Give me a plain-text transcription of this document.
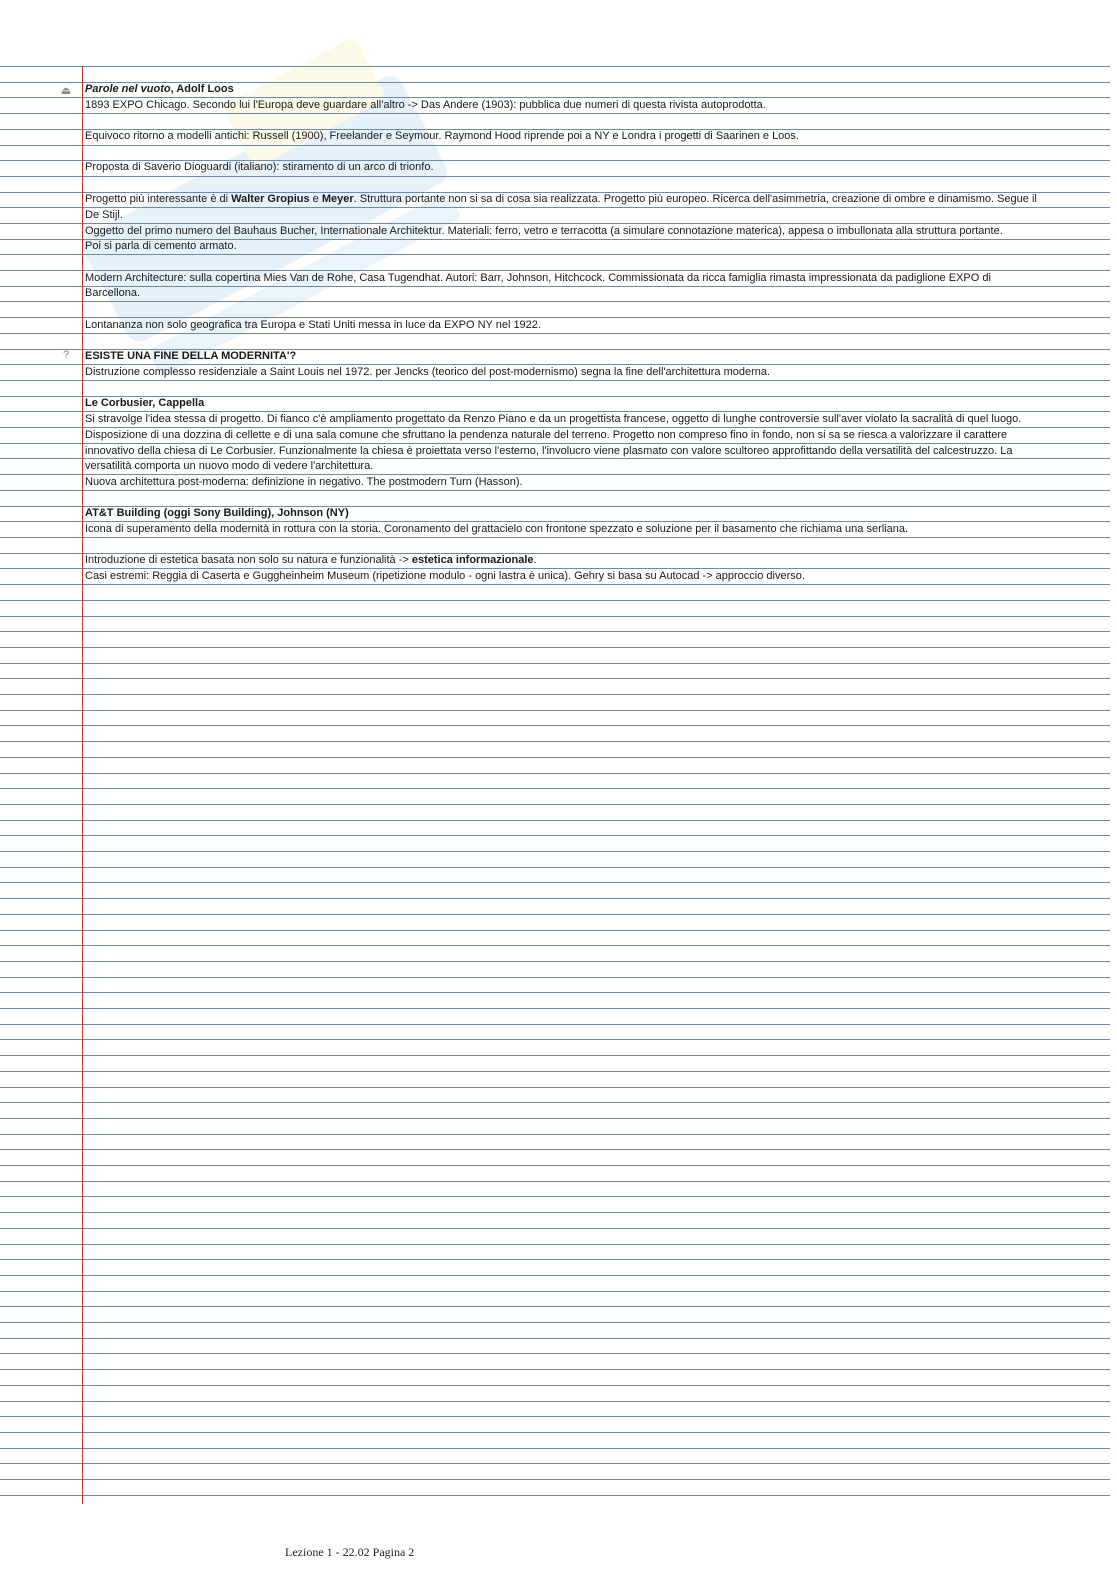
⏏
?
Parole nel vuoto, Adolf Loos
1893 EXPO Chicago. Secondo lui l'Europa deve guardare all'altro -> Das Andere (1903): pubblica due numeri di questa rivista autoprodotta.
Equivoco ritorno a modelli antichi: Russell (1900), Freelander e Seymour. Raymond Hood riprende poi a NY e Londra i progetti di Saarinen e Loos.
Proposta di Saverio Dioguardi (italiano): stiramento di un arco di trionfo.
Progetto più interessante è di Walter Gropius e Meyer. Struttura portante non si sa di cosa sia realizzata. Progetto più europeo. Ricerca dell'asimmetria, creazione di ombre e dinamismo. Segue il
De Stijl.
Oggetto del primo numero del Bauhaus Bucher, Internationale Architektur. Materiali: ferro, vetro e terracotta (a simulare connotazione materica), appesa o imbullonata alla struttura portante.
Poi si parla di cemento armato.
Modern Architecture: sulla copertina Mies Van de Rohe, Casa Tugendhat. Autori: Barr, Johnson, Hitchcock. Commissionata da ricca famiglia rimasta impressionata da padiglione EXPO di
Barcellona.
Lontananza non solo geografica tra Europa e Stati Uniti messa in luce da EXPO NY nel 1922.
ESISTE UNA FINE DELLA MODERNITA'?
Distruzione complesso residenziale a Saint Louis nel 1972. per Jencks (teorico del post-modernismo) segna la fine dell'architettura moderna.
Le Corbusier, Cappella
Si stravolge l'idea stessa di progetto. Di fianco c'è ampliamento progettato da Renzo Piano e da un progettista francese, oggetto di lunghe controversie sull'aver violato la sacralità di quel luogo.
Disposizione di una dozzina di cellette e di una sala comune che sfruttano la pendenza naturale del terreno. Progetto non compreso fino in fondo, non si sa se riesca a valorizzare il carattere
innovativo della chiesa di Le Corbusier. Funzionalmente la chiesa è proiettata verso l'esterno, l'involucro viene plasmato con valore scultoreo approfittando della versatilità del calcestruzzo. La
versatilità comporta un nuovo modo di vedere l'architettura.
Nuova architettura post-moderna: definizione in negativo. The postmodern Turn (Hasson).
AT&T Building (oggi Sony Building), Johnson (NY)
Icona di superamento della modernità in rottura con la storia. Coronamento del grattacielo con frontone spezzato e soluzione per il basamento che richiama una serliana.
Introduzione di estetica basata non solo su natura e funzionalità -> estetica informazionale.
Casi estremi: Reggia di Caserta e Guggheinheim Museum (ripetizione modulo - ogni lastra è unica). Gehry si basa su Autocad -> approccio diverso.
Lezione 1 - 22.02 Pagina 2
